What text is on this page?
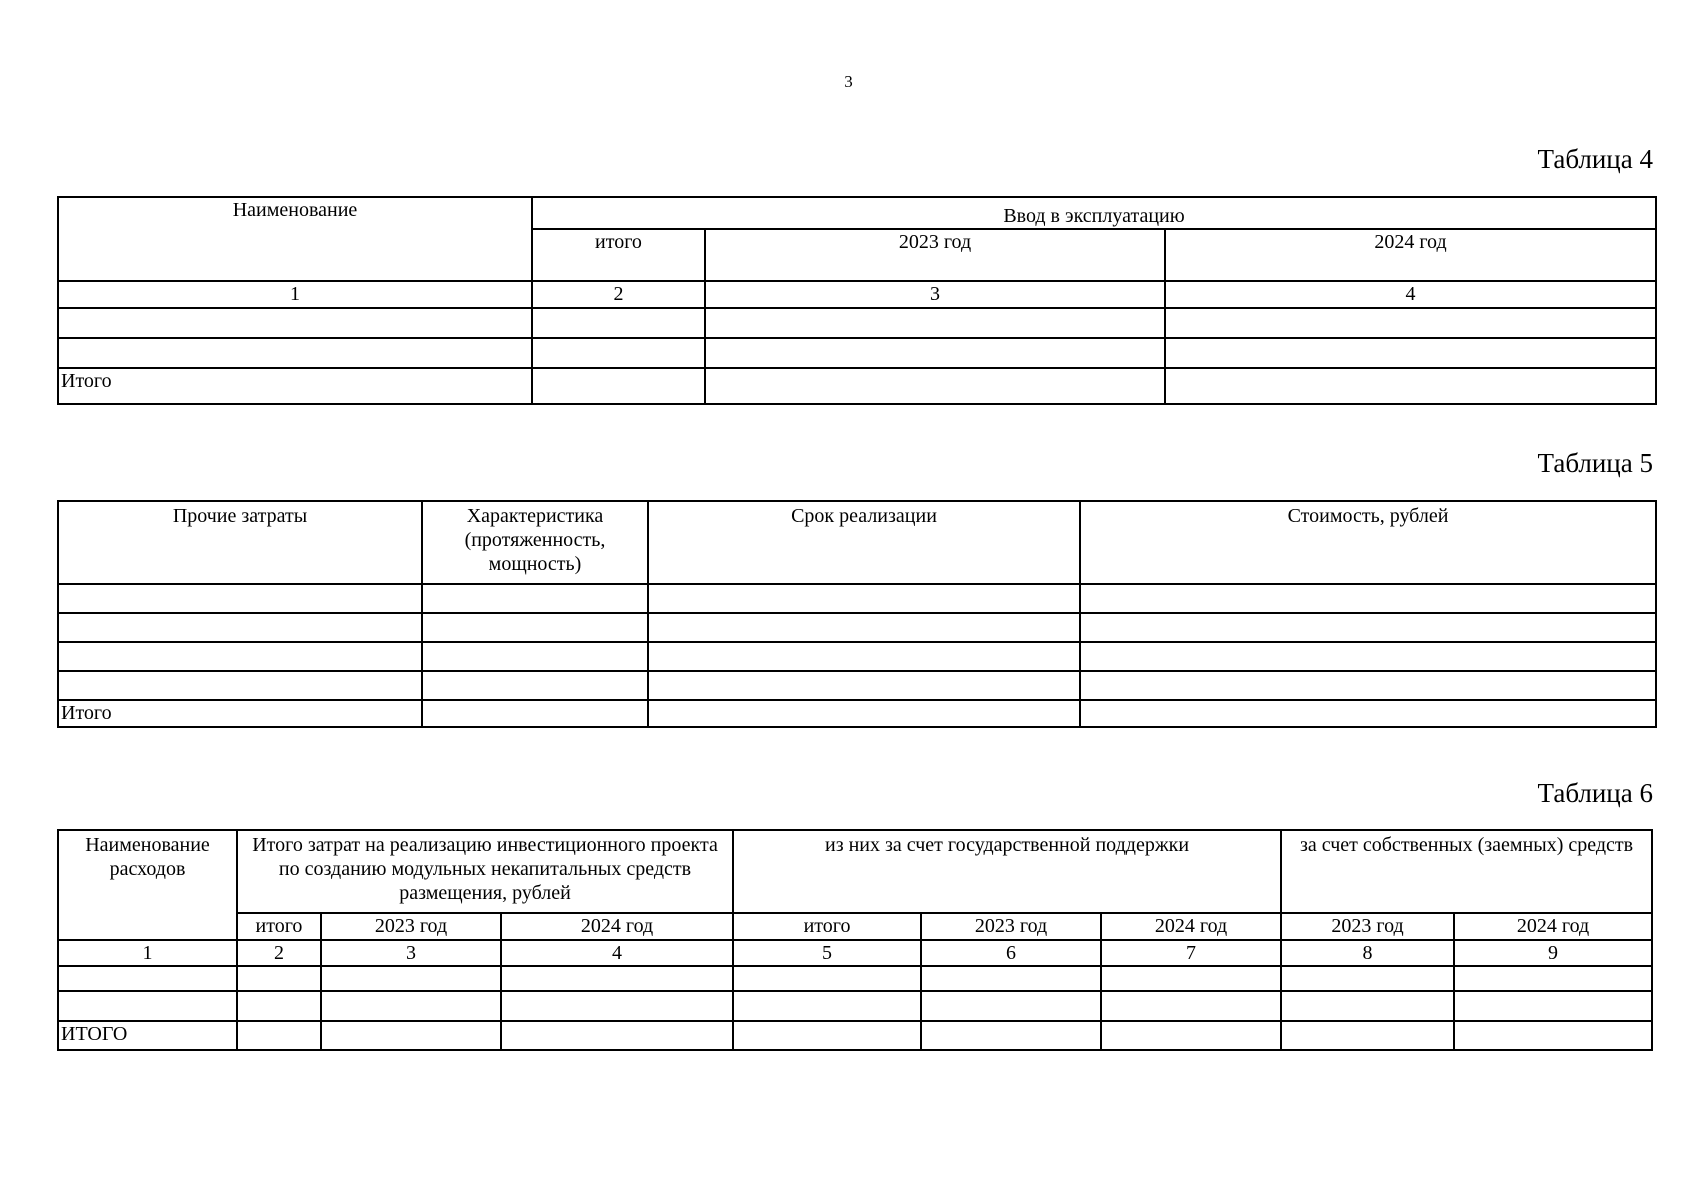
3
Таблица 4
Наименование	Ввод в эксплуатацию		
	итого	2023 год	2024 год
1	2	3	4

Итого			
Таблица 5
Прочие затраты	Характеристика (протяженность, мощность)	Срок реализации	Стоимость, рублей

Итого			
Таблица 6
Наименование расходов	Итого затрат на реализацию инвестиционного проекта по созданию модульных некапитальных средств размещения, рублей			из них за счет государственной поддержки			за счет собственных (заемных) средств	
	итого	2023 год	2024 год	итого	2023 год	2024 год	2023 год	2024 год
1	2	3	4	5	6	7	8	9

ИТОГО								
